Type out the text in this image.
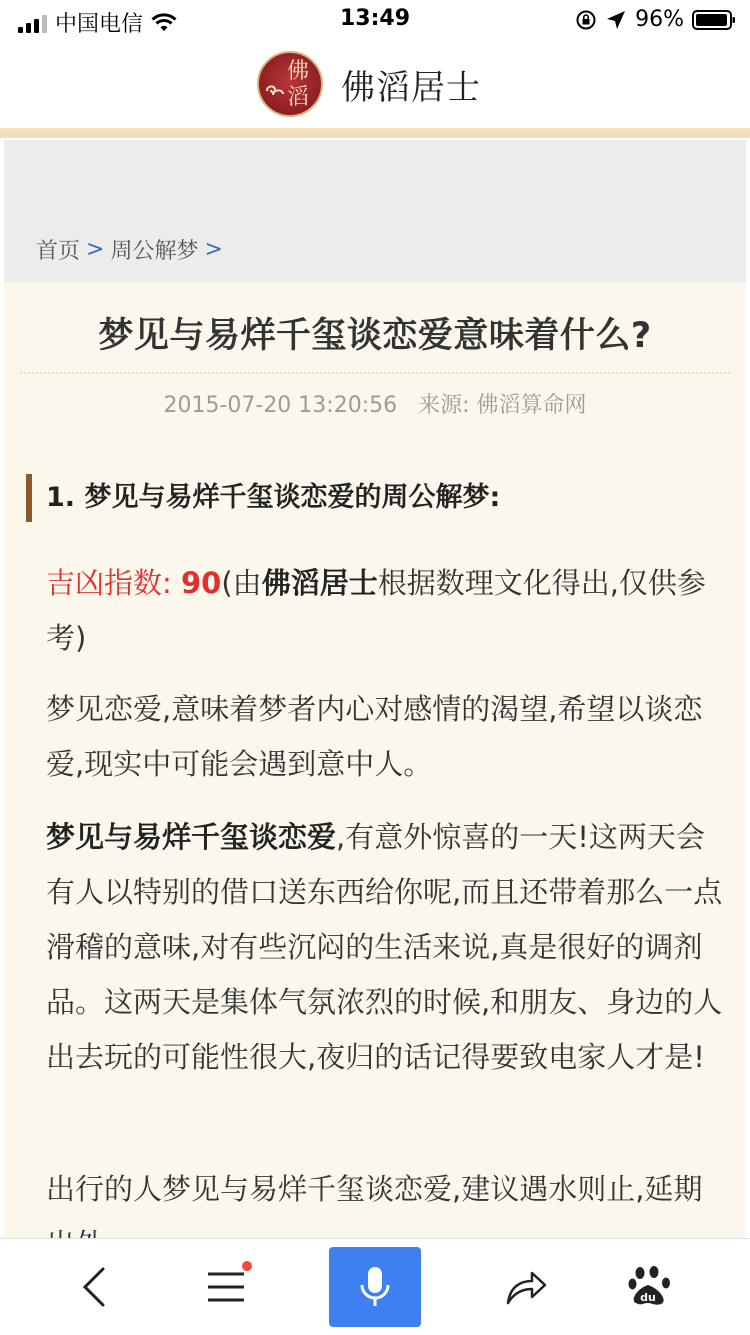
中国电信	13:49	96%
佛
滔 佛滔居士
首页 > 周公解梦 >
梦见与易烊千玺谈恋爱意味着什么?
2015-07-20 13:20:56 来源: 佛滔算命网
1. 梦见与易烊千玺谈恋爱的周公解梦:

吉凶指数: 90(由佛滔居士根据数理文化得出,仅供参考)

梦见恋爱,意味着梦者内心对感情的渴望,希望以谈恋爱,现实中可能会遇到意中人。

梦见与易烊千玺谈恋爱,有意外惊喜的一天!这两天会有人以特别的借口送东西给你呢,而且还带着那么一点滑稽的意味,对有些沉闷的生活来说,真是很好的调剂品。这两天是集体气氛浓烈的时候,和朋友、身边的人出去玩的可能性很大,夜归的话记得要致电家人才是!

出行的人梦见与易烊千玺谈恋爱,建议遇水则止,延期

du
